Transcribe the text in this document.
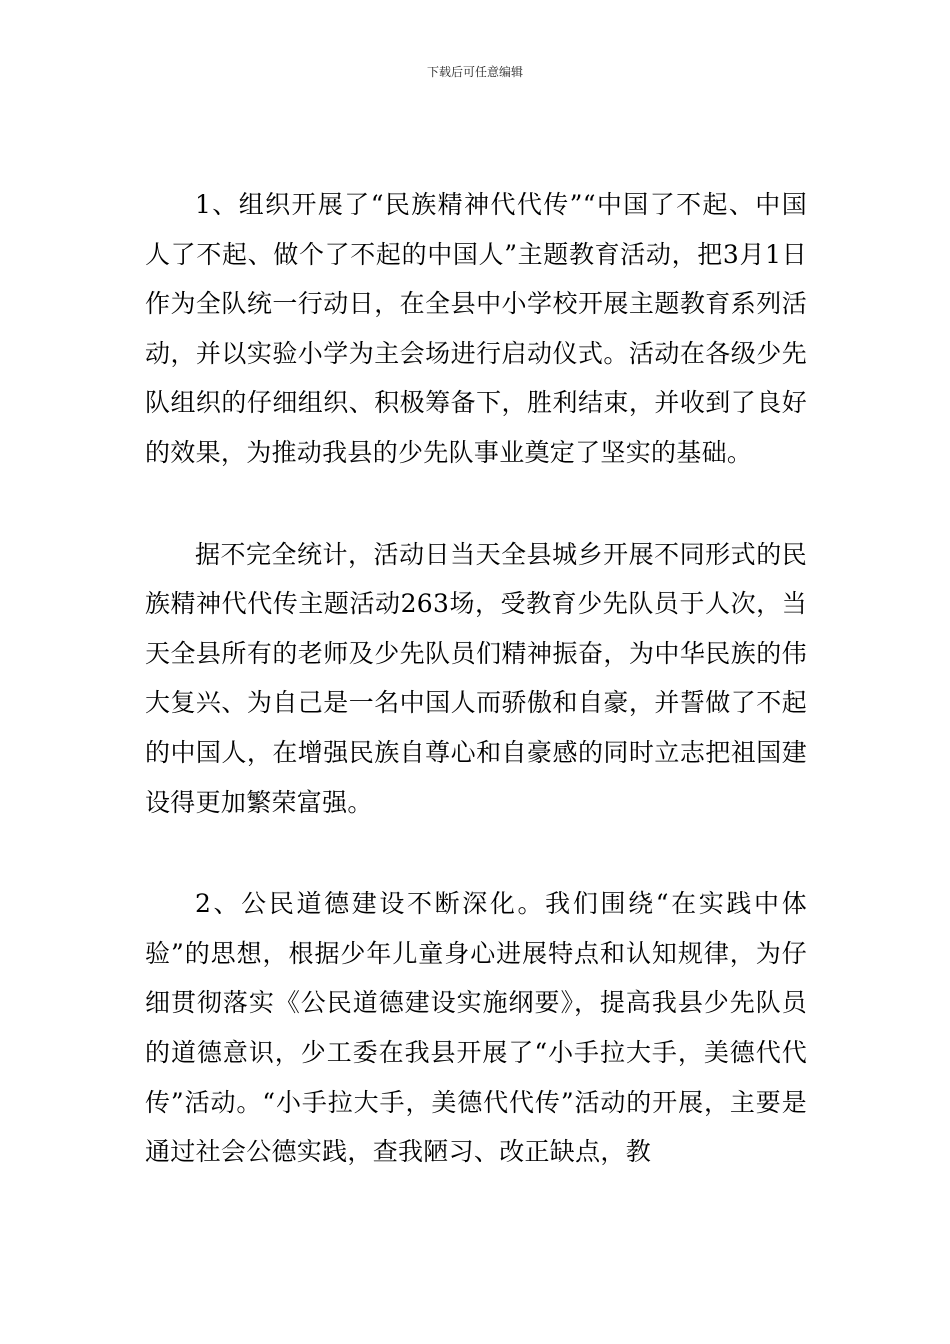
下载后可任意编辑

1、组织开展了“民族精神代代传”“中国了不起、中国人了不起、做个了不起的中国人”主题教育活动，把3月1日作为全队统一行动日，在全县中小学校开展主题教育系列活动，并以实验小学为主会场进行启动仪式。活动在各级少先队组织的仔细组织、积极筹备下，胜利结束，并收到了良好的效果，为推动我县的少先队事业奠定了坚实的基础。

据不完全统计，活动日当天全县城乡开展不同形式的民族精神代代传主题活动263场，受教育少先队员于人次，当天全县所有的老师及少先队员们精神振奋，为中华民族的伟大复兴、为自己是一名中国人而骄傲和自豪，并誓做了不起的中国人，在增强民族自尊心和自豪感的同时立志把祖国建设得更加繁荣富强。

2、公民道德建设不断深化。我们围绕“在实践中体验”的思想，根据少年儿童身心进展特点和认知规律，为仔细贯彻落实《公民道德建设实施纲要》，提高我县少先队员的道德意识，少工委在我县开展了“小手拉大手，美德代代传”活动。“小手拉大手，美德代代传”活动的开展，主要是通过社会公德实践，查我陋习、改正缺点，教
